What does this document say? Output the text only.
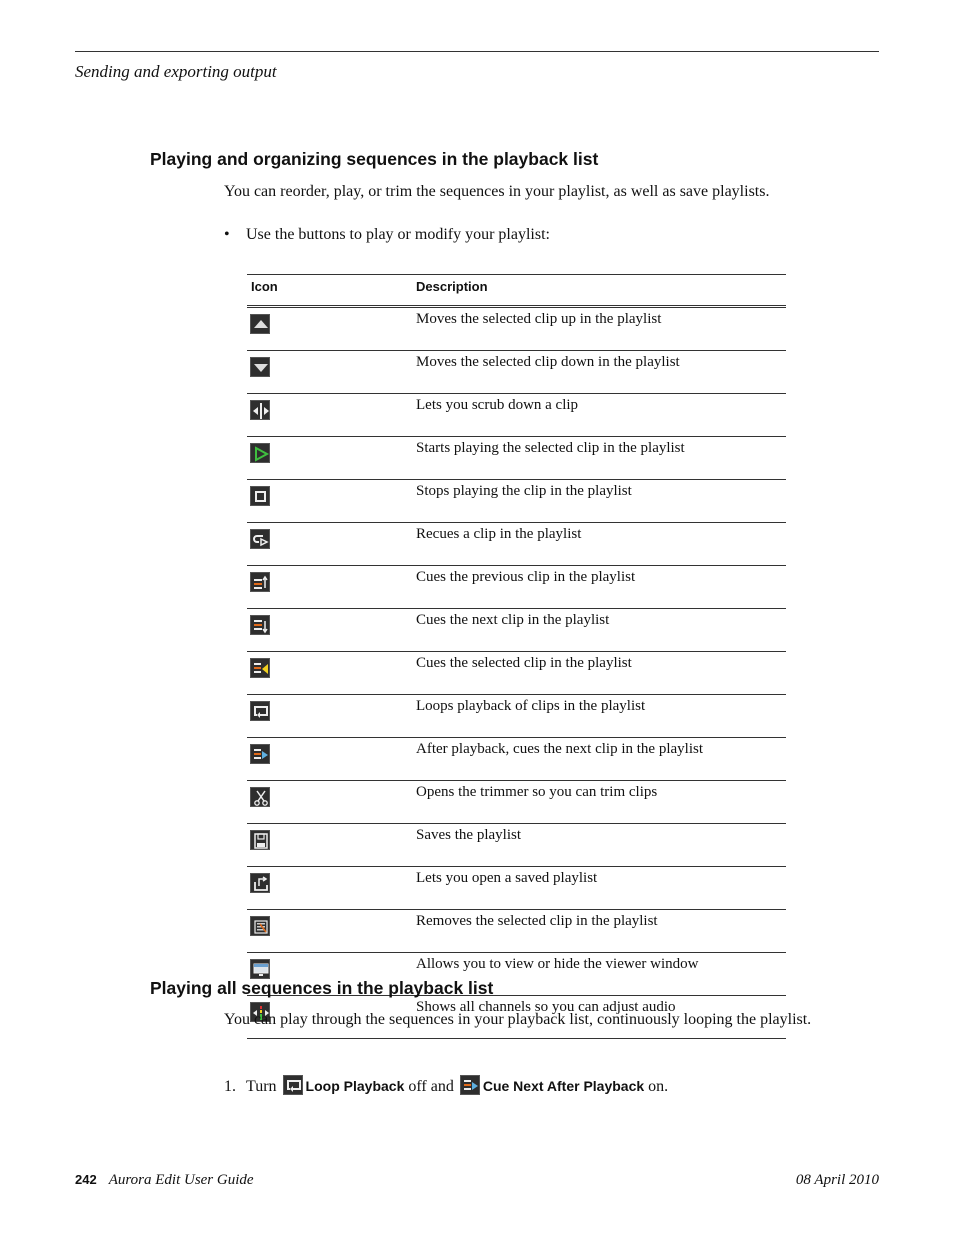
Sending and exporting output
Playing and organizing sequences in the playback list

You can reorder, play, or trim the sequences in your playlist, as well as save playlists.

• Use the buttons to play or modify your playlist:
Icon	Description

	Moves the selected clip up in the playlist

	Moves the selected clip down in the playlist

	Lets you scrub down a clip

	Starts playing the selected clip in the playlist

	Stops playing the clip in the playlist

	Recues a clip in the playlist

	Cues the previous clip in the playlist

	Cues the next clip in the playlist

	Cues the selected clip in the playlist

	Loops playback of clips in the playlist

	After playback, cues the next clip in the playlist

	Opens the trimmer so you can trim clips

	Saves the playlist

	Lets you open a saved playlist

	Removes the selected clip in the playlist

	Allows you to view or hide the viewer window

	Shows all channels so you can adjust audio
Playing all sequences in the playback list

You can play through the sequences in your playback list, continuously looping the playlist.

1. Turn Loop Playback off and Cue Next After Playback on.
242 Aurora Edit User Guide	08 April 2010
